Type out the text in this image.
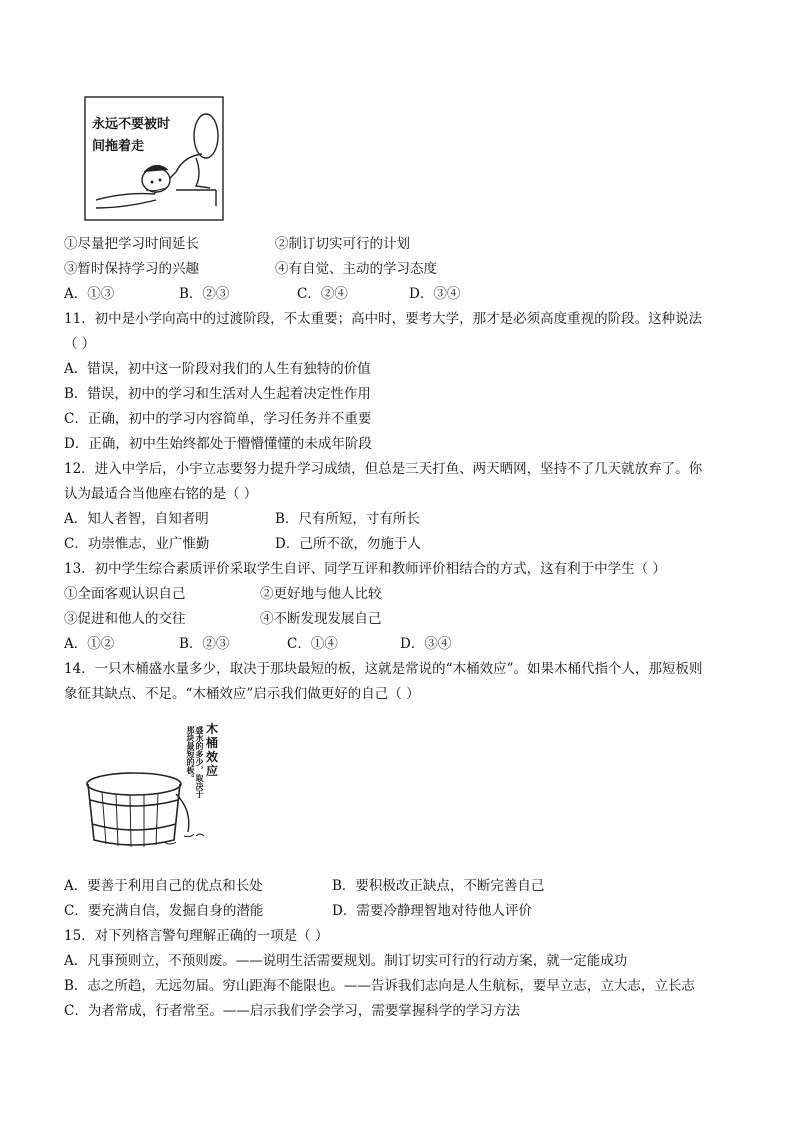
永远不要被时间拖着走
①尽量把学习时间延长	②制订切实可行的计划
③暂时保持学习的兴趣	④有自觉、主动的学习态度
A．①③	B．②③	C．②④	D．③④
11．初中是小学向高中的过渡阶段，不太重要；高中时，要考大学，那才是必须高度重视的阶段。这种说法
（ ）
A．错误，初中这一阶段对我们的人生有独特的价值
B．错误，初中的学习和生活对人生起着决定性作用
C．正确，初中的学习内容简单，学习任务并不重要
D．正确，初中生始终都处于懵懵懂懂的未成年阶段
12．进入中学后，小宇立志要努力提升学习成绩，但总是三天打鱼、两天晒网，坚持不了几天就放弃了。你
认为最适合当他座右铭的是（ ）
A．知人者智，自知者明	B．尺有所短，寸有所长
C．功崇惟志，业广惟勤	D．己所不欲，勿施于人
13．初中学生综合素质评价采取学生自评、同学互评和教师评价相结合的方式，这有利于中学生（ ）
①全面客观认识自己	②更好地与他人比较
③促进和他人的交往	④不断发现发展自己
A．①②	B．②③	C．①④	D．③④
14．一只木桶盛水量多少，取决于那块最短的板，这就是常说的“木桶效应”。如果木桶代指个人，那短板则
象征其缺点、不足。“木桶效应”启示我们做更好的自己（ ）
木桶效应
盛水的多少，取决于那块最短的板。
A．要善于利用自己的优点和长处	B．要积极改正缺点，不断完善自己
C．要充满自信，发掘自身的潜能	D．需要冷静理智地对待他人评价
15．对下列格言警句理解正确的一项是（ ）
A．凡事预则立，不预则废。——说明生活需要规划。制订切实可行的行动方案，就一定能成功
B．志之所趋，无远勿届。穷山距海不能限也。——告诉我们志向是人生航标，要早立志，立大志，立长志
C．为者常成，行者常至。——启示我们学会学习，需要掌握科学的学习方法
